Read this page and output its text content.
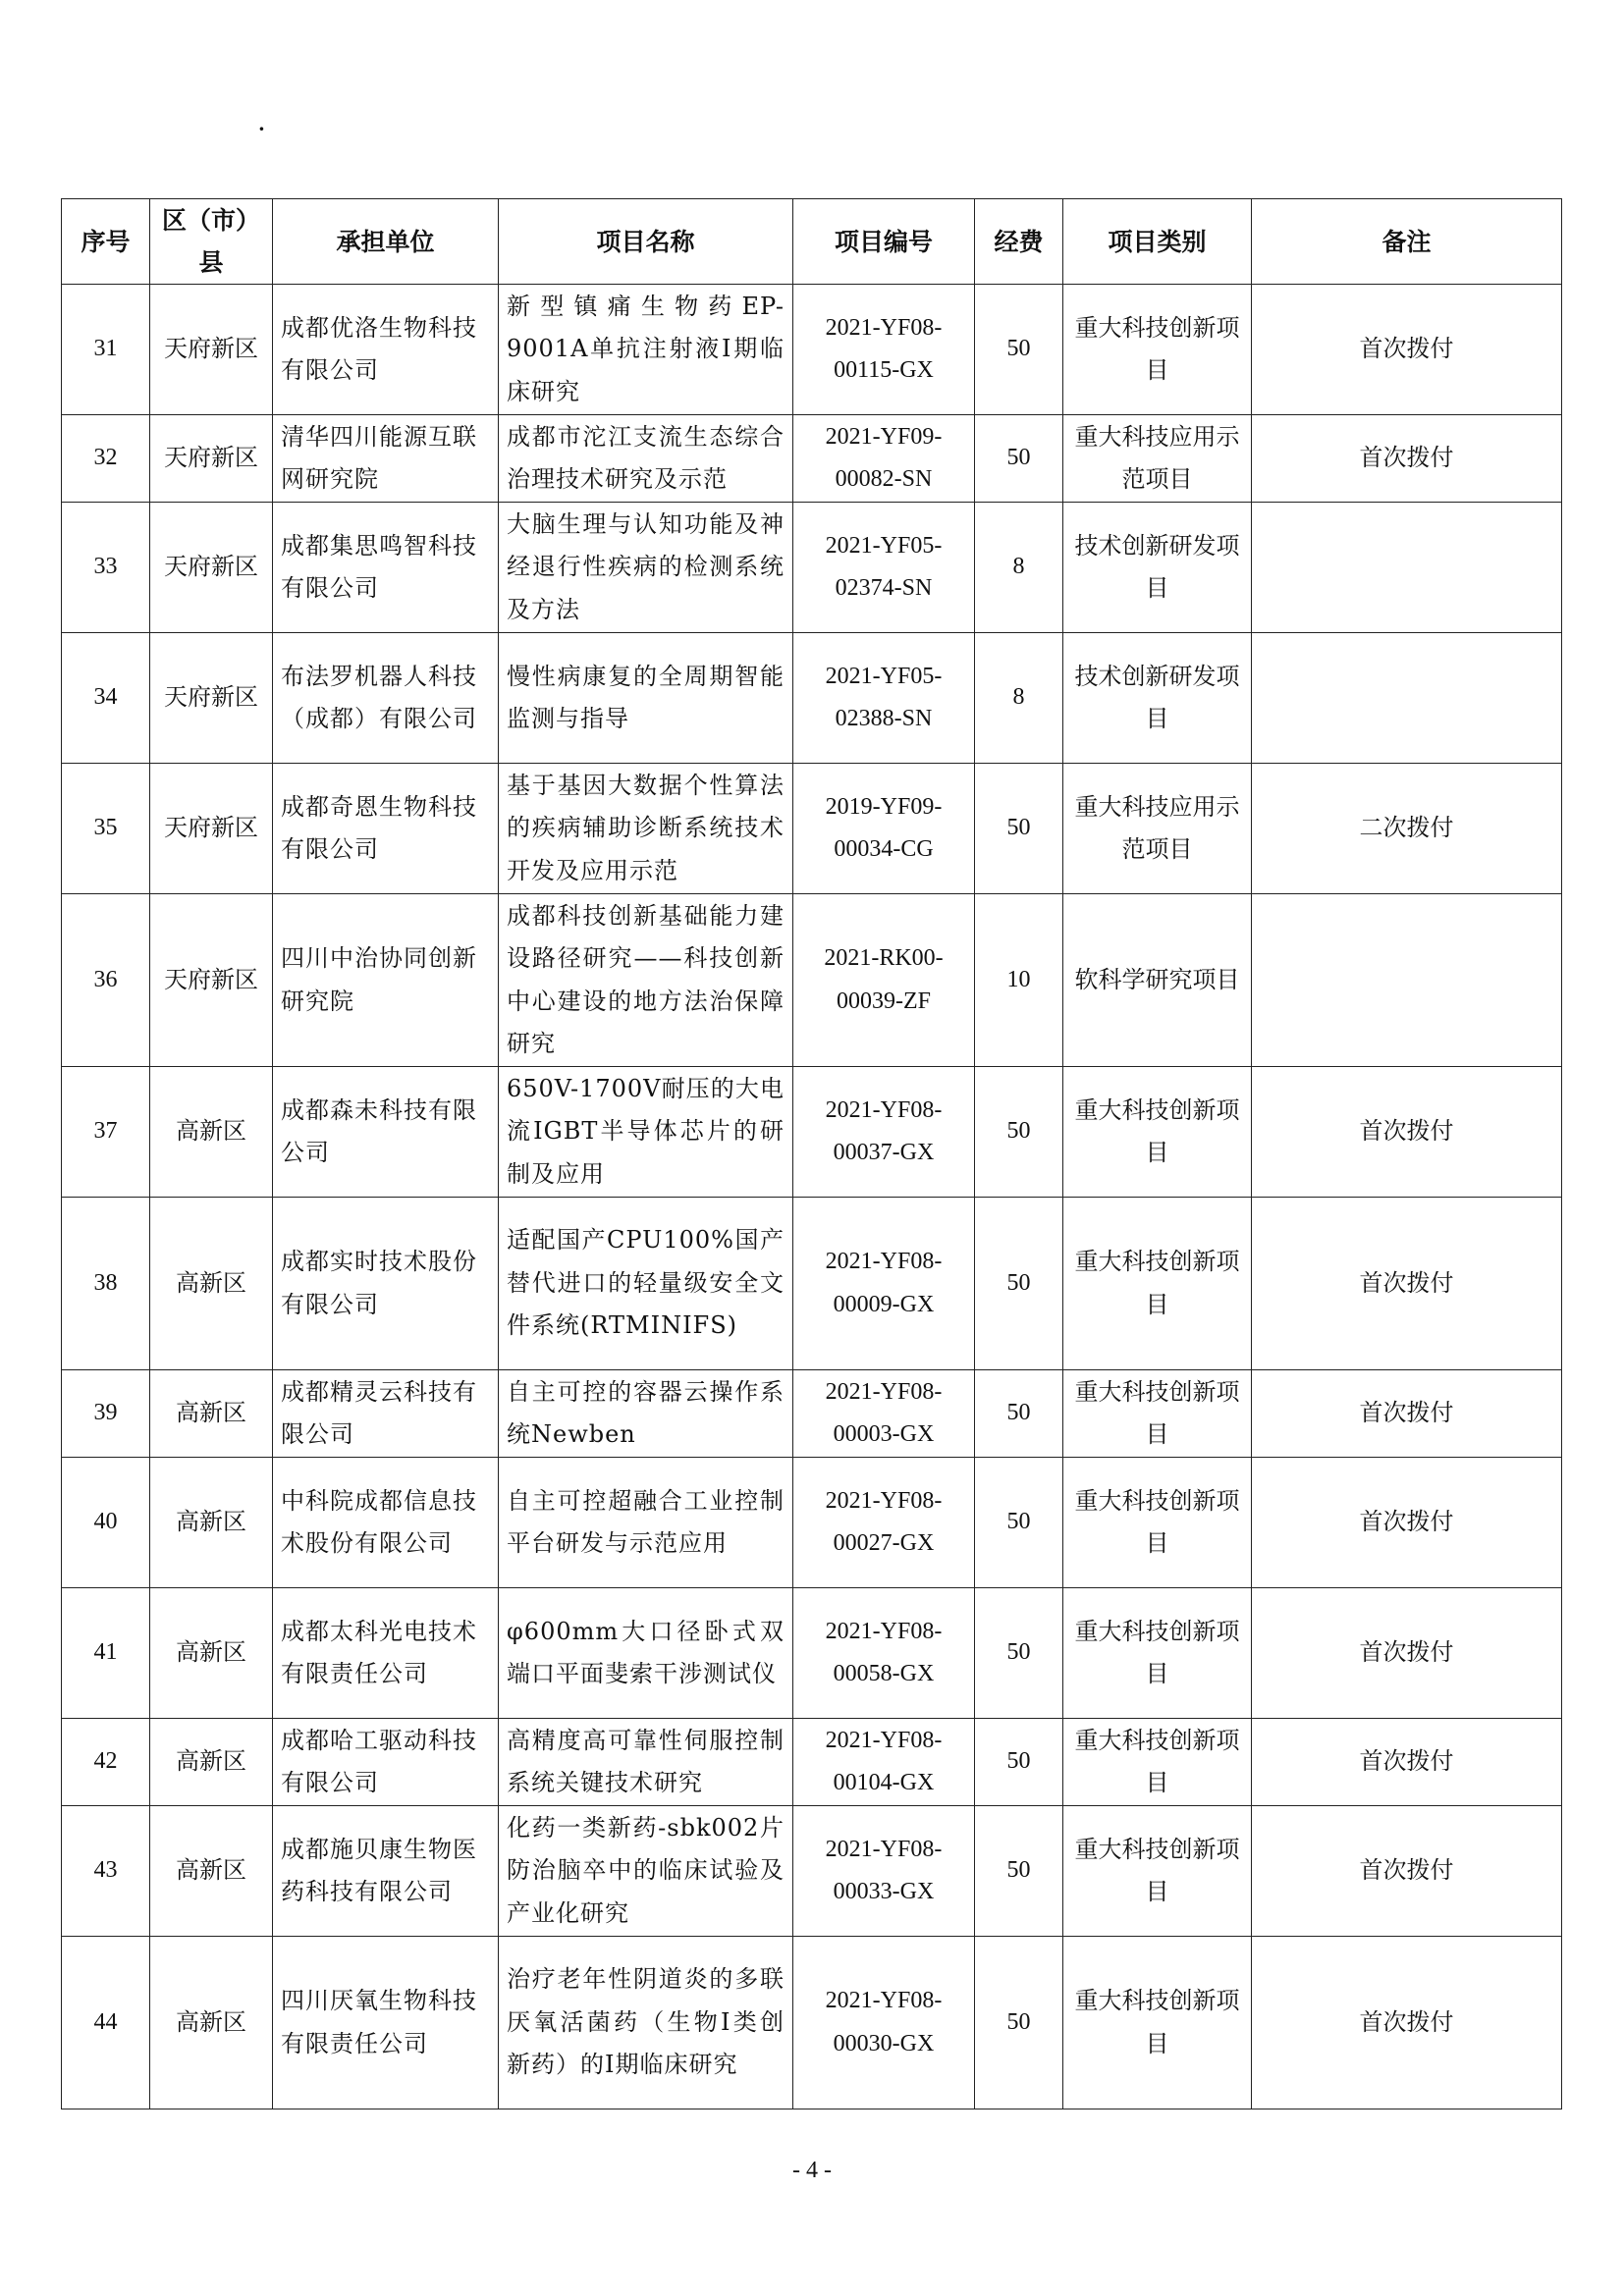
·
序号	区（市）县	承担单位	项目名称	项目编号	经费	项目类别	备注
31	天府新区	成都优洛生物科技有限公司	新型镇痛生物药EP-9001A单抗注射液I期临床研究	2021-YF08-00115-GX	50	重大科技创新项目	首次拨付
32	天府新区	清华四川能源互联网研究院	成都市沱江支流生态综合治理技术研究及示范	2021-YF09-00082-SN	50	重大科技应用示范项目	首次拨付
33	天府新区	成都集思鸣智科技有限公司	大脑生理与认知功能及神经退行性疾病的检测系统及方法	2021-YF05-02374-SN	8	技术创新研发项目	
34	天府新区	布法罗机器人科技（成都）有限公司	慢性病康复的全周期智能监测与指导	2021-YF05-02388-SN	8	技术创新研发项目	
35	天府新区	成都奇恩生物科技有限公司	基于基因大数据个性算法的疾病辅助诊断系统技术开发及应用示范	2019-YF09-00034-CG	50	重大科技应用示范项目	二次拨付
36	天府新区	四川中治协同创新研究院	成都科技创新基础能力建设路径研究——科技创新中心建设的地方法治保障研究	2021-RK00-00039-ZF	10	软科学研究项目	
37	高新区	成都森未科技有限公司	650V-1700V耐压的大电流IGBT半导体芯片的研制及应用	2021-YF08-00037-GX	50	重大科技创新项目	首次拨付
38	高新区	成都实时技术股份有限公司	适配国产CPU100%国产替代进口的轻量级安全文件系统(RTMINIFS)	2021-YF08-00009-GX	50	重大科技创新项目	首次拨付
39	高新区	成都精灵云科技有限公司	自主可控的容器云操作系统Newben	2021-YF08-00003-GX	50	重大科技创新项目	首次拨付
40	高新区	中科院成都信息技术股份有限公司	自主可控超融合工业控制平台研发与示范应用	2021-YF08-00027-GX	50	重大科技创新项目	首次拨付
41	高新区	成都太科光电技术有限责任公司	φ600mm大口径卧式双端口平面斐索干涉测试仪	2021-YF08-00058-GX	50	重大科技创新项目	首次拨付
42	高新区	成都哈工驱动科技有限公司	高精度高可靠性伺服控制系统关键技术研究	2021-YF08-00104-GX	50	重大科技创新项目	首次拨付
43	高新区	成都施贝康生物医药科技有限公司	化药一类新药-sbk002片防治脑卒中的临床试验及产业化研究	2021-YF08-00033-GX	50	重大科技创新项目	首次拨付
44	高新区	四川厌氧生物科技有限责任公司	治疗老年性阴道炎的多联厌氧活菌药（生物I类创新药）的I期临床研究	2021-YF08-00030-GX	50	重大科技创新项目	首次拨付
- 4 -
